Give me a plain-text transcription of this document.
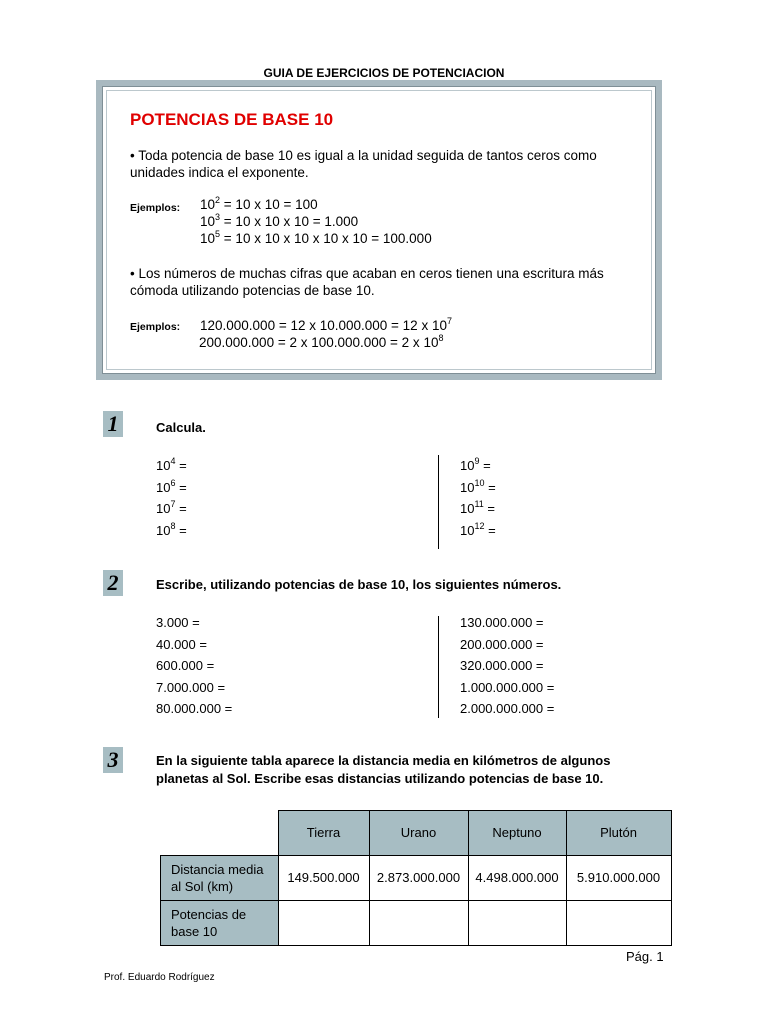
GUIA DE EJERCICIOS DE POTENCIACION
POTENCIAS DE BASE 10
• Toda potencia de base 10 es igual a la unidad seguida de tantos ceros como unidades indica el exponente.
Ejemplos: $10^2 = 10$ x 10 = 100
$10^3 = 10$ x 10 x 10 = 1.000
$10^5 = 10$ x 10 x 10 x 10 x 10 = 100.000
• Los números de muchas cifras que acaban en ceros tienen una escritura más cómoda utilizando potencias de base 10.
Ejemplos: 120.000.000 = 12 x 10.000.000 = 12 x $10^7$
200.000.000 = 2 x 100.000.000 = 2 x $10^8$
1	Calcula.
$10^4$ =
$10^6$ =
$10^7$ =
$10^8$ =
$10^9$ =
$10^{10}$ =
$10^{11}$ =
$10^{12}$ =
2	Escribe, utilizando potencias de base 10, los siguientes números.
3.000 =
40.000 =
600.000 =
7.000.000 =
80.000.000 =
130.000.000 =
200.000.000 =
320.000.000 =
1.000.000.000 =
2.000.000.000 =
3	En la siguiente tabla aparece la distancia media en kilómetros de algunos
planetas al Sol. Escribe esas distancias utilizando potencias de base 10.
	Tierra	Urano	Neptuno	Plutón

Distancia media
al Sol (km)	149.500.000	2.873.000.000	4.498.000.000	5.910.000.000

Potencias de
base 10				

Pág. 1
Prof. Eduardo Rodríguez
